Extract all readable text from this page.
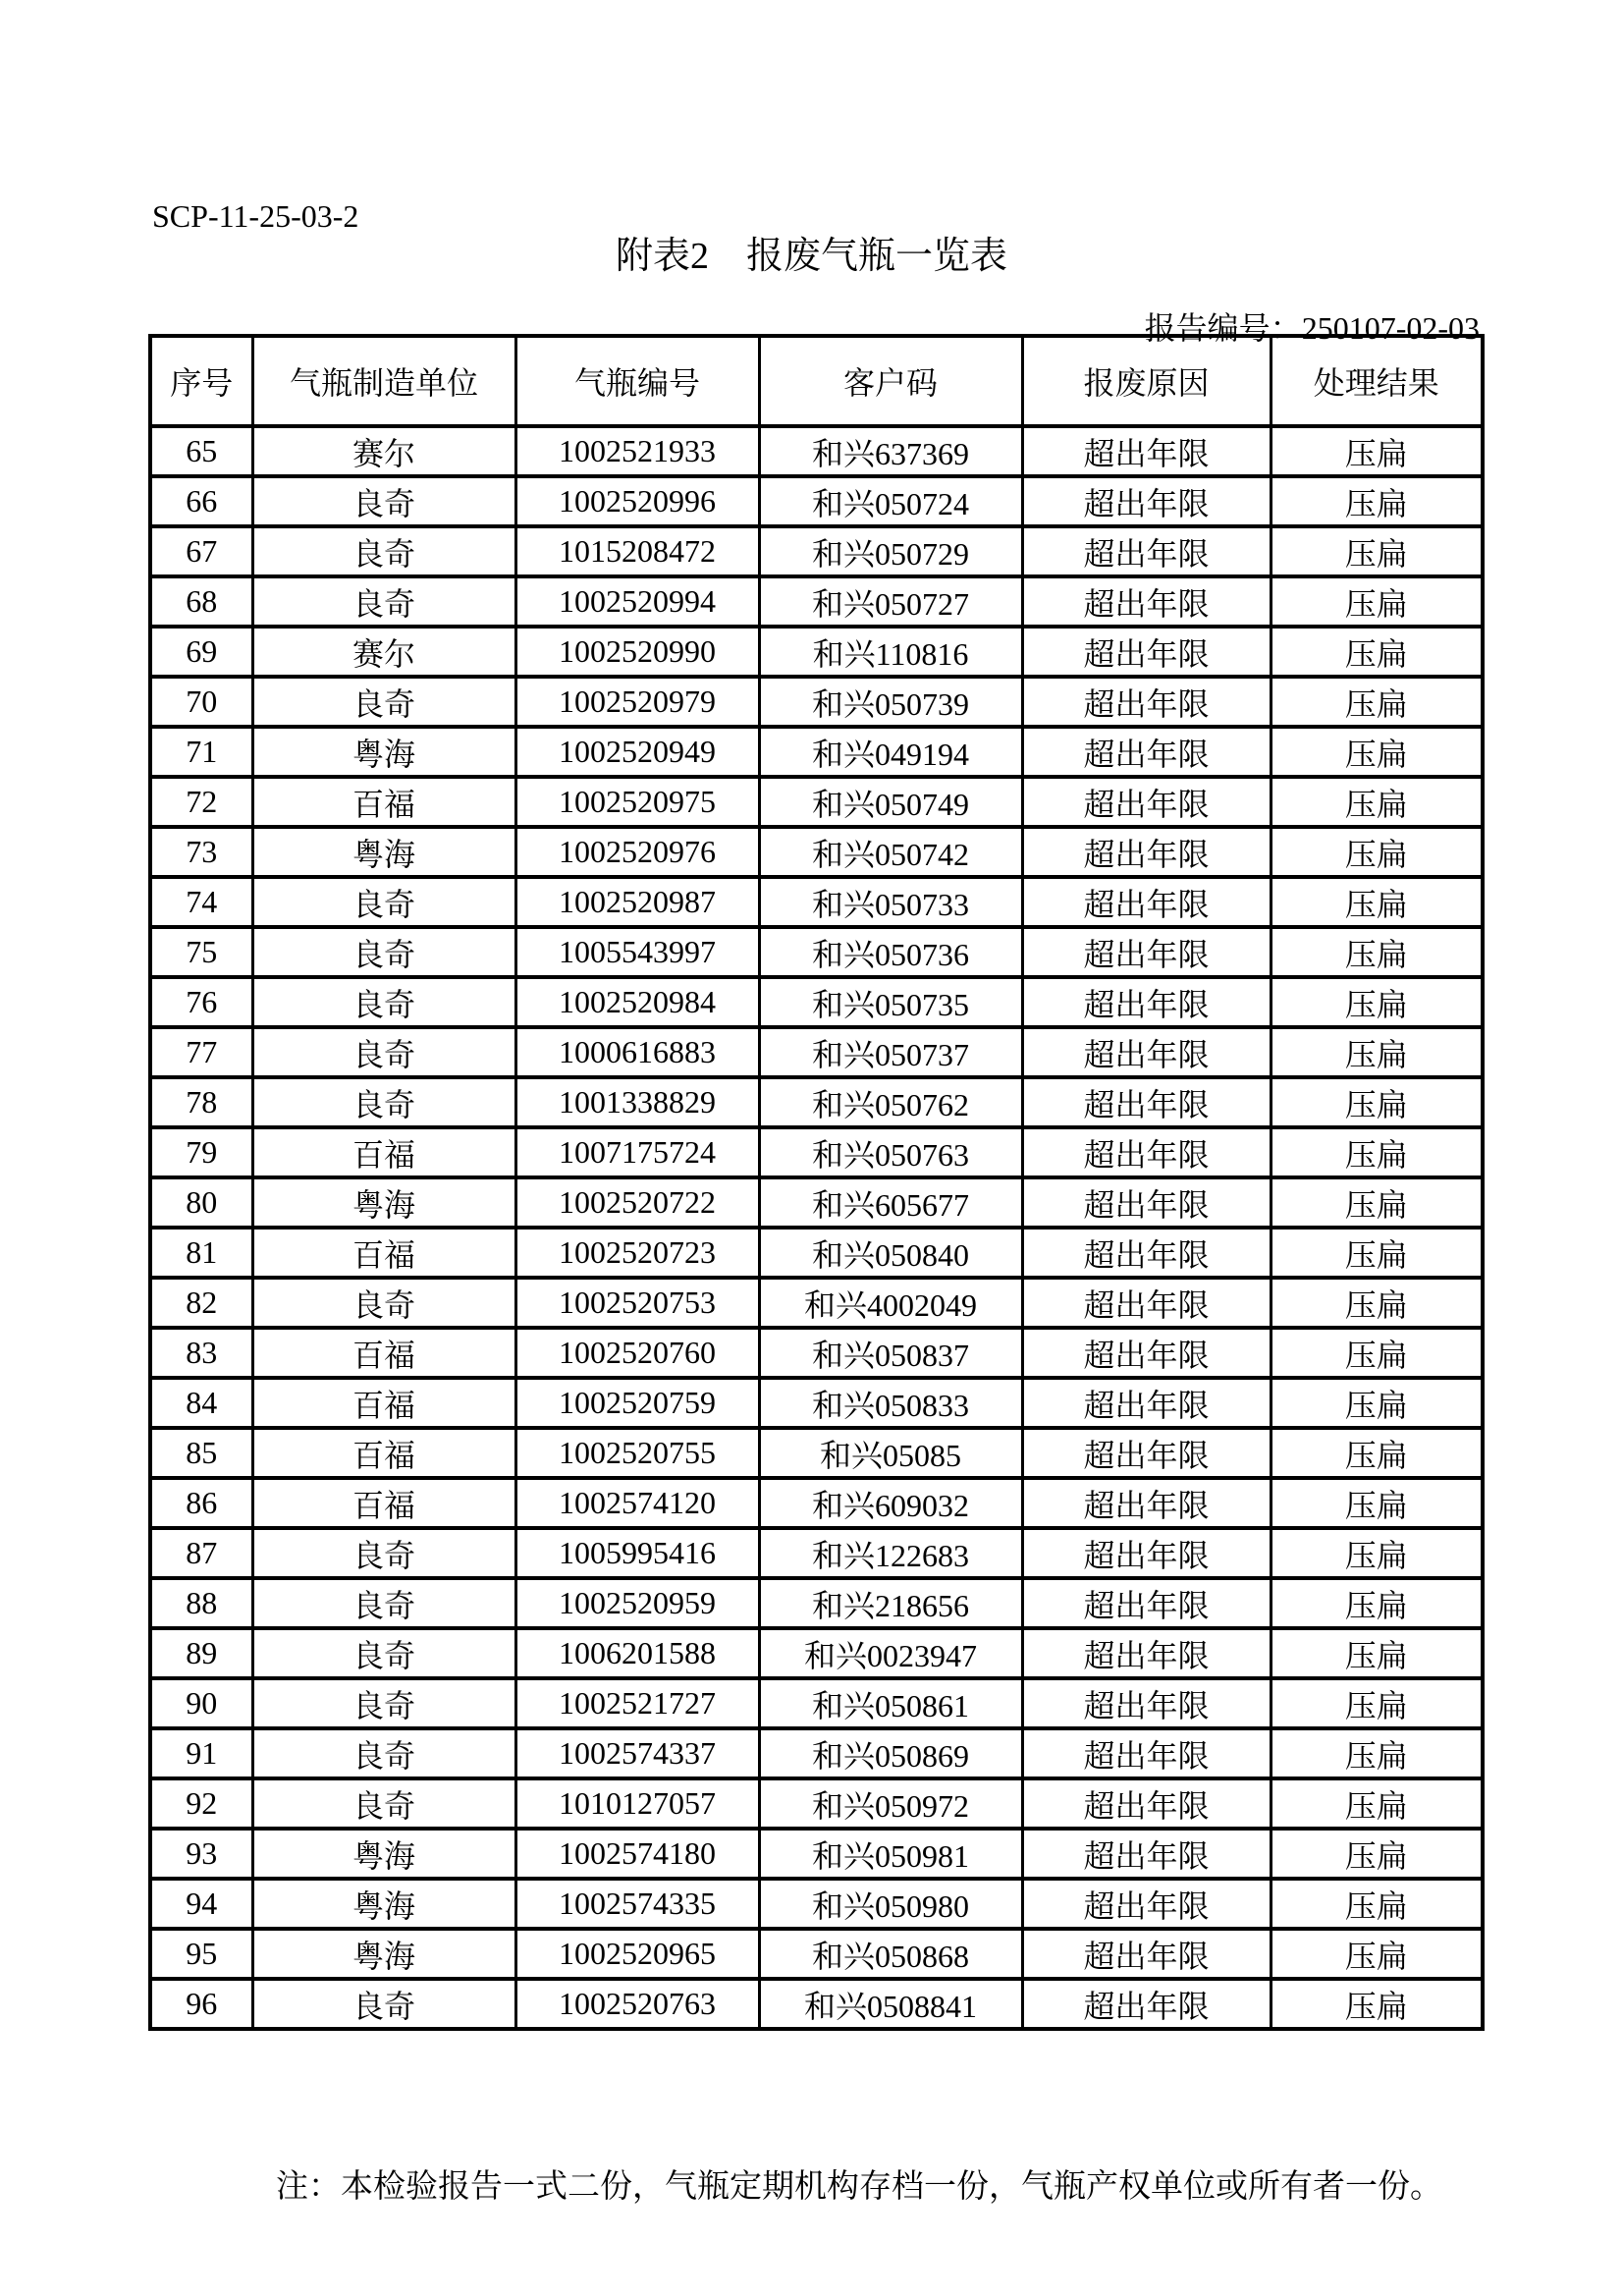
SCP-11-25-03-2
附表2　报废气瓶一览表

报告编号：250107-02-03

序号	气瓶制造单位	气瓶编号	客户码	报废原因	处理结果
65	赛尔	1002521933	和兴637369	超出年限	压扁
66	良奇	1002520996	和兴050724	超出年限	压扁
67	良奇	1015208472	和兴050729	超出年限	压扁
68	良奇	1002520994	和兴050727	超出年限	压扁
69	赛尔	1002520990	和兴110816	超出年限	压扁
70	良奇	1002520979	和兴050739	超出年限	压扁
71	粤海	1002520949	和兴049194	超出年限	压扁
72	百福	1002520975	和兴050749	超出年限	压扁
73	粤海	1002520976	和兴050742	超出年限	压扁
74	良奇	1002520987	和兴050733	超出年限	压扁
75	良奇	1005543997	和兴050736	超出年限	压扁
76	良奇	1002520984	和兴050735	超出年限	压扁
77	良奇	1000616883	和兴050737	超出年限	压扁
78	良奇	1001338829	和兴050762	超出年限	压扁
79	百福	1007175724	和兴050763	超出年限	压扁
80	粤海	1002520722	和兴605677	超出年限	压扁
81	百福	1002520723	和兴050840	超出年限	压扁
82	良奇	1002520753	和兴4002049	超出年限	压扁
83	百福	1002520760	和兴050837	超出年限	压扁
84	百福	1002520759	和兴050833	超出年限	压扁
85	百福	1002520755	和兴05085	超出年限	压扁
86	百福	1002574120	和兴609032	超出年限	压扁
87	良奇	1005995416	和兴122683	超出年限	压扁
88	良奇	1002520959	和兴218656	超出年限	压扁
89	良奇	1006201588	和兴0023947	超出年限	压扁
90	良奇	1002521727	和兴050861	超出年限	压扁
91	良奇	1002574337	和兴050869	超出年限	压扁
92	良奇	1010127057	和兴050972	超出年限	压扁
93	粤海	1002574180	和兴050981	超出年限	压扁
94	粤海	1002574335	和兴050980	超出年限	压扁
95	粤海	1002520965	和兴050868	超出年限	压扁
96	良奇	1002520763	和兴0508841	超出年限	压扁
注：本检验报告一式二份，气瓶定期机构存档一份，气瓶产权单位或所有者一份。
